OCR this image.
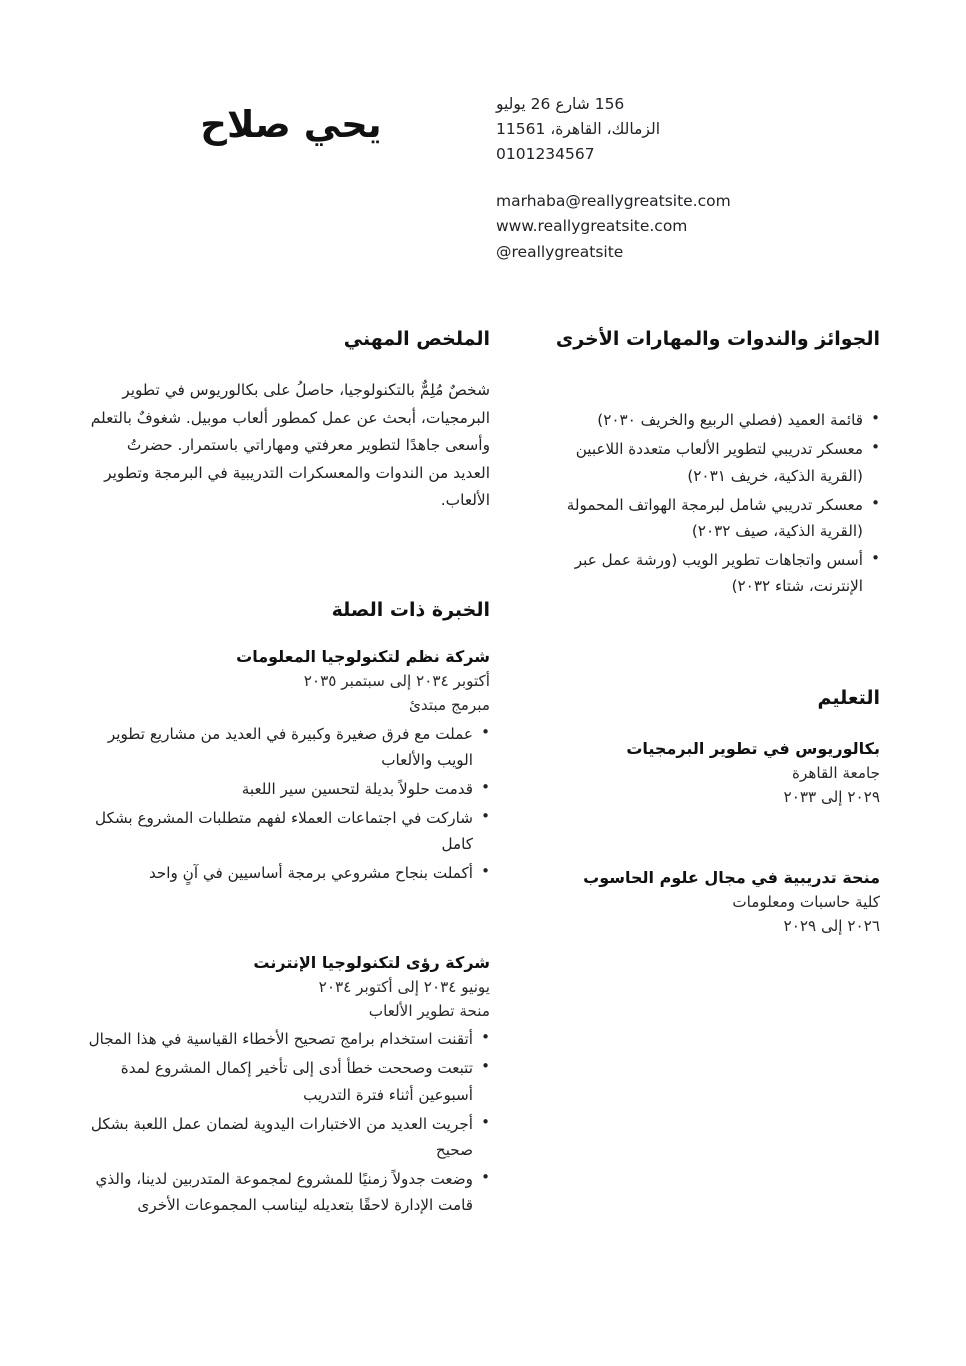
156 شارع 26 يوليو
الزمالك، القاهرة، 11561
0101234567
marhaba@reallygreatsite.com
www.reallygreatsite.com
@reallygreatsite
يحي صلاح
الجوائز والندوات والمهارات الأخرى
• قائمة العميد (فصلي الربيع والخريف ٢٠٣٠)
• معسكر تدريبي لتطوير الألعاب متعددة اللاعبين (القرية الذكية، خريف ٢٠٣١)
• معسكر تدريبي شامل لبرمجة الهواتف المحمولة (القرية الذكية، صيف ٢٠٣٢)
• أسس واتجاهات تطوير الويب (ورشة عمل عبر الإنترنت، شتاء ٢٠٣٢)
التعليم
بكالوريوس في تطوير البرمجيات
جامعة القاهرة
٢٠٢٩ إلى ٢٠٣٣
منحة تدريبية في مجال علوم الحاسوب
كلية حاسبات ومعلومات
٢٠٢٦ إلى ٢٠٢٩
الملخص المهني
شخصٌ مُلِمٌّ بالتكنولوجيا، حاصلُ على بكالوريوس في تطوير البرمجيات، أبحث عن عمل كمطور ألعاب موبيل. شغوفٌ بالتعلم وأسعى جاهدًا لتطوير معرفتي ومهاراتي باستمرار. حضرتُ العديد من الندوات والمعسكرات التدريبية في البرمجة وتطوير الألعاب.
الخبرة ذات الصلة
شركة نظم لتكنولوجيا المعلومات
أكتوبر ٢٠٣٤ إلى سبتمبر ٢٠٣٥
مبرمج مبتدئ
• عملت مع فرق صغيرة وكبيرة في العديد من مشاريع تطوير الويب والألعاب
• قدمت حلولاً بديلة لتحسين سير اللعبة
• شاركت في اجتماعات العملاء لفهم متطلبات المشروع بشكل كامل
• أكملت بنجاح مشروعي برمجة أساسيين في آنٍ واحد
شركة رؤى لتكنولوجيا الإنترنت
يونيو ٢٠٣٤ إلى أكتوبر ٢٠٣٤
منحة تطوير الألعاب
• أتقنت استخدام برامج تصحيح الأخطاء القياسية في هذا المجال
• تتبعت وصححت خطأ أدى إلى تأخير إكمال المشروع لمدة أسبوعين أثناء فترة التدريب
• أجريت العديد من الاختبارات اليدوية لضمان عمل اللعبة بشكل صحيح
• وضعت جدولاً زمنيًا للمشروع لمجموعة المتدربين لدينا، والذي قامت الإدارة لاحقًا بتعديله ليناسب المجموعات الأخرى
